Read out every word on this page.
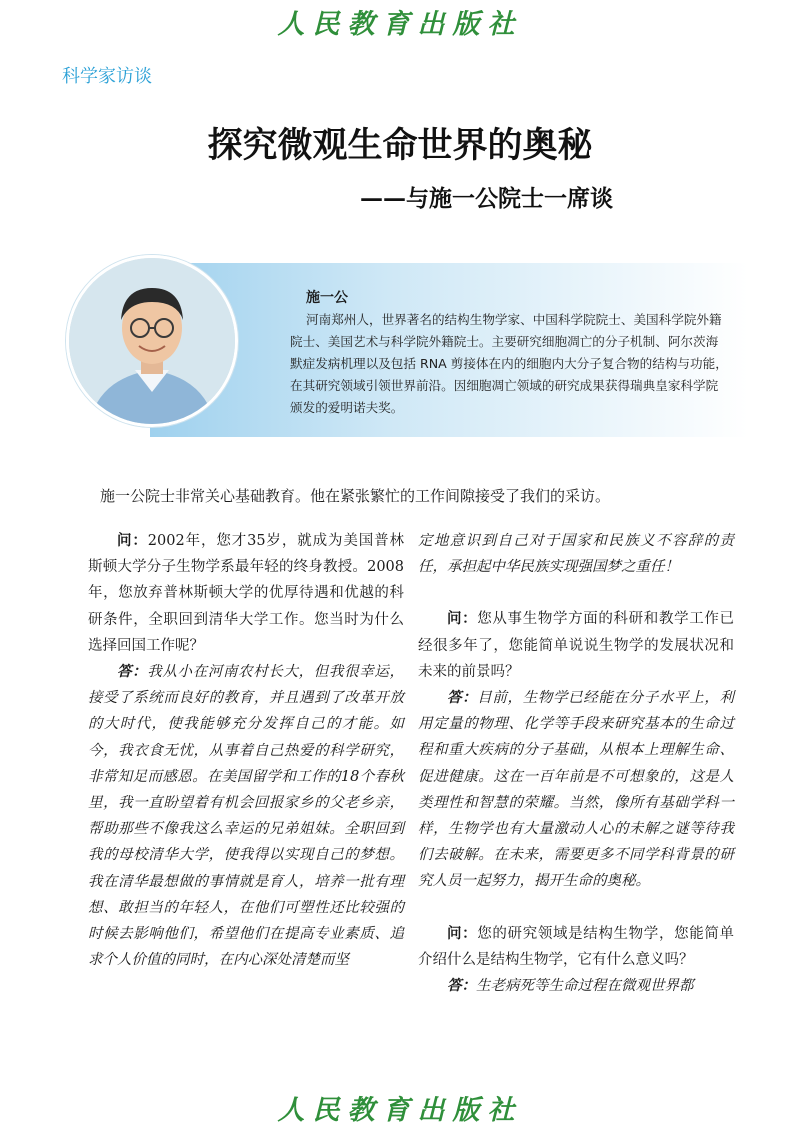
人民教育出版社
科学家访谈
探究微观生命世界的奥秘
——与施一公院士一席谈
施一公
河南郑州人，世界著名的结构生物学家、中国科学院院士、美国科学院外籍院士、美国艺术与科学院外籍院士。主要研究细胞凋亡的分子机制、阿尔茨海默症发病机理以及包括 RNA 剪接体在内的细胞内大分子复合物的结构与功能，在其研究领域引领世界前沿。因细胞凋亡领域的研究成果获得瑞典皇家科学院颁发的爱明诺夫奖。
施一公院士非常关心基础教育。他在紧张繁忙的工作间隙接受了我们的采访。

问：2002年，您才35岁，就成为美国普林斯顿大学分子生物学系最年轻的终身教授。2008年，您放弃普林斯顿大学的优厚待遇和优越的科研条件，全职回到清华大学工作。您当时为什么选择回国工作呢？

答：我从小在河南农村长大，但我很幸运，接受了系统而良好的教育，并且遇到了改革开放的大时代，使我能够充分发挥自己的才能。如今，我衣食无忧，从事着自己热爱的科学研究，非常知足而感恩。在美国留学和工作的18个春秋里，我一直盼望着有机会回报家乡的父老乡亲，帮助那些不像我这么幸运的兄弟姐妹。全职回到我的母校清华大学，使我得以实现自己的梦想。我在清华最想做的事情就是育人，培养一批有理想、敢担当的年轻人，在他们可塑性还比较强的时候去影响他们，希望他们在提高专业素质、追求个人价值的同时，在内心深处清楚而坚

定地意识到自己对于国家和民族义不容辞的责任，承担起中华民族实现强国梦之重任！

问：您从事生物学方面的科研和教学工作已经很多年了，您能简单说说生物学的发展状况和未来的前景吗？

答：目前，生物学已经能在分子水平上，利用定量的物理、化学等手段来研究基本的生命过程和重大疾病的分子基础，从根本上理解生命、促进健康。这在一百年前是不可想象的，这是人类理性和智慧的荣耀。当然，像所有基础学科一样，生物学也有大量激动人心的未解之谜等待我们去破解。在未来，需要更多不同学科背景的研究人员一起努力，揭开生命的奥秘。

问：您的研究领域是结构生物学，您能简单介绍什么是结构生物学，它有什么意义吗？

答：生老病死等生命过程在微观世界都

人民教育出版社
